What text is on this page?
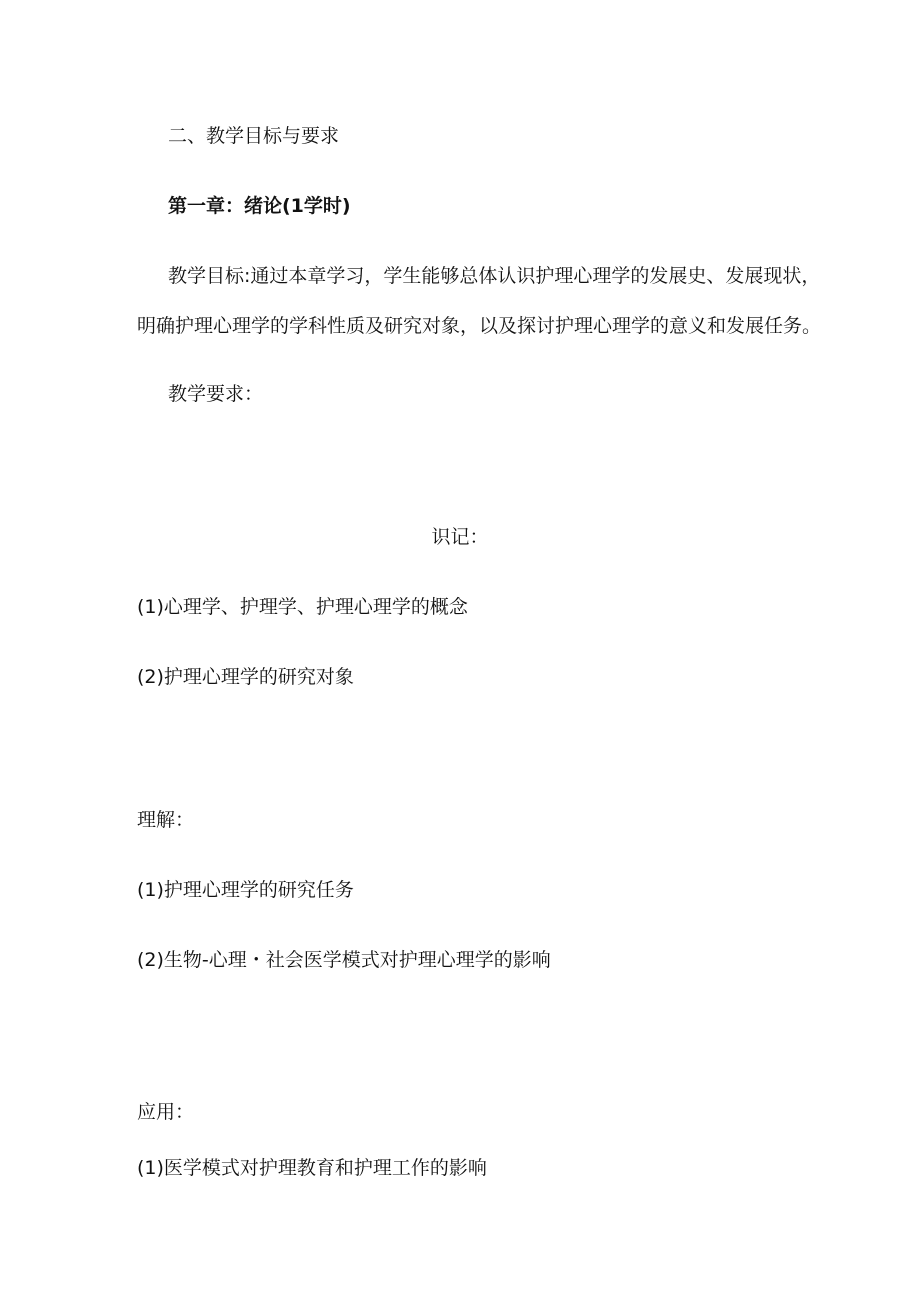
二、教学目标与要求
第一章：绪论(1学时)
教学目标:通过本章学习，学生能够总体认识护理心理学的发展史、发展现状，
明确护理心理学的学科性质及研究对象，以及探讨护理心理学的意义和发展任务。
教学要求：
识记：
(1)心理学、护理学、护理心理学的概念
(2)护理心理学的研究对象
理解：
(1)护理心理学的研究任务
(2)生物-心理・社会医学模式对护理心理学的影响
应用：
(1)医学模式对护理教育和护理工作的影响
